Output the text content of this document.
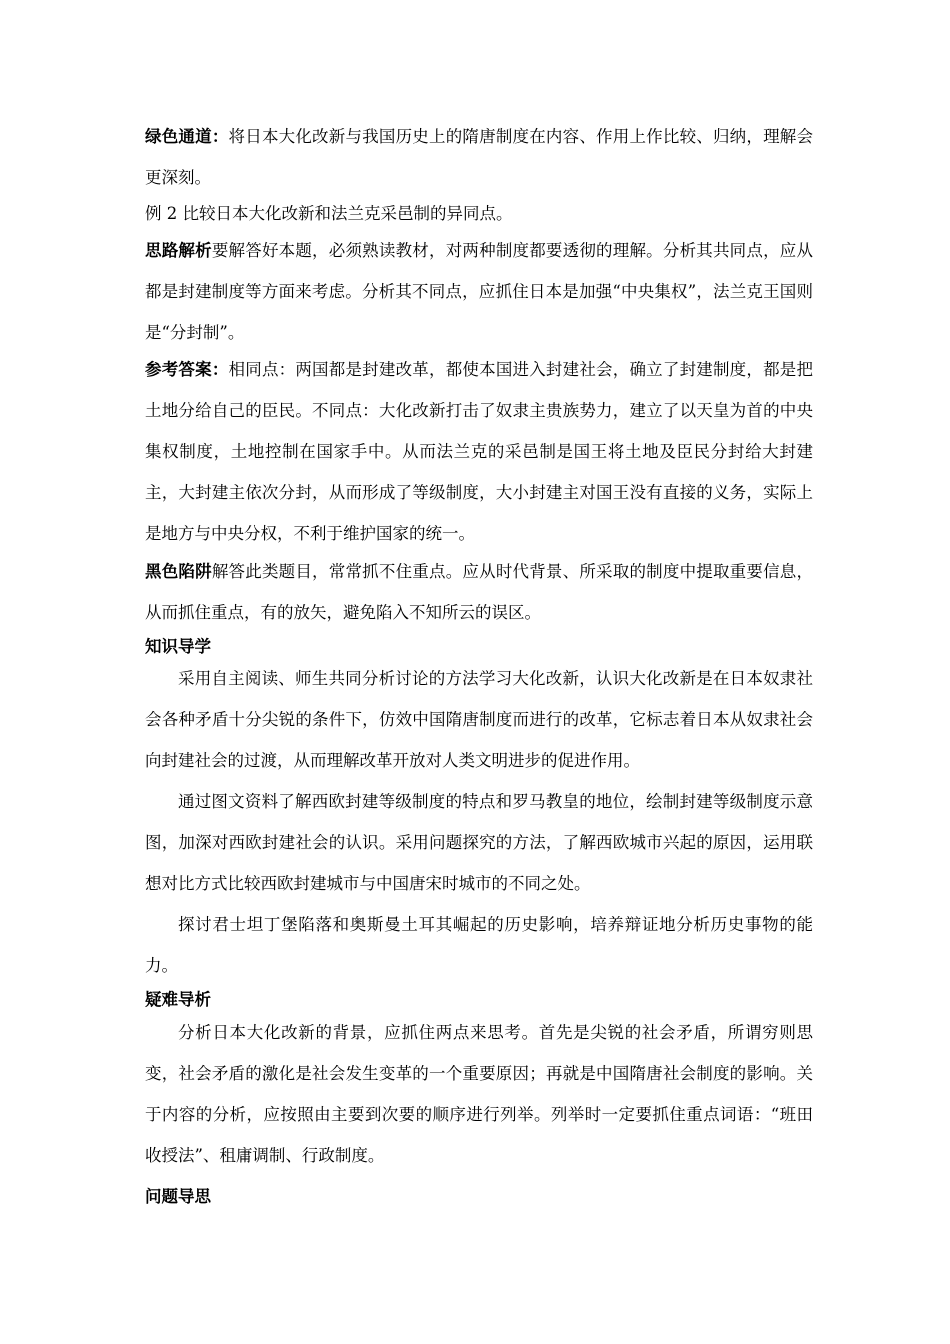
绿色通道：将日本大化改新与我国历史上的隋唐制度在内容、作用上作比较、归纳，理解会更深刻。

例 2 比较日本大化改新和法兰克采邑制的异同点。

思路解析要解答好本题，必须熟读教材，对两种制度都要透彻的理解。分析其共同点，应从都是封建制度等方面来考虑。分析其不同点，应抓住日本是加强“中央集权”，法兰克王国则是“分封制”。

参考答案：相同点：两国都是封建改革，都使本国进入封建社会，确立了封建制度，都是把土地分给自己的臣民。不同点：大化改新打击了奴隶主贵族势力，建立了以天皇为首的中央集权制度，土地控制在国家手中。从而法兰克的采邑制是国王将土地及臣民分封给大封建主，大封建主依次分封，从而形成了等级制度，大小封建主对国王没有直接的义务，实际上是地方与中央分权，不利于维护国家的统一。

黑色陷阱解答此类题目，常常抓不住重点。应从时代背景、所采取的制度中提取重要信息，从而抓住重点，有的放矢，避免陷入不知所云的误区。

知识导学

采用自主阅读、师生共同分析讨论的方法学习大化改新，认识大化改新是在日本奴隶社会各种矛盾十分尖锐的条件下，仿效中国隋唐制度而进行的改革，它标志着日本从奴隶社会向封建社会的过渡，从而理解改革开放对人类文明进步的促进作用。

通过图文资料了解西欧封建等级制度的特点和罗马教皇的地位，绘制封建等级制度示意图，加深对西欧封建社会的认识。采用问题探究的方法，了解西欧城市兴起的原因，运用联想对比方式比较西欧封建城市与中国唐宋时城市的不同之处。

探讨君士坦丁堡陷落和奥斯曼土耳其崛起的历史影响，培养辩证地分析历史事物的能力。

疑难导析

分析日本大化改新的背景，应抓住两点来思考。首先是尖锐的社会矛盾，所谓穷则思变，社会矛盾的激化是社会发生变革的一个重要原因；再就是中国隋唐社会制度的影响。关于内容的分析，应按照由主要到次要的顺序进行列举。列举时一定要抓住重点词语：“班田收授法”、租庸调制、行政制度。

问题导思
